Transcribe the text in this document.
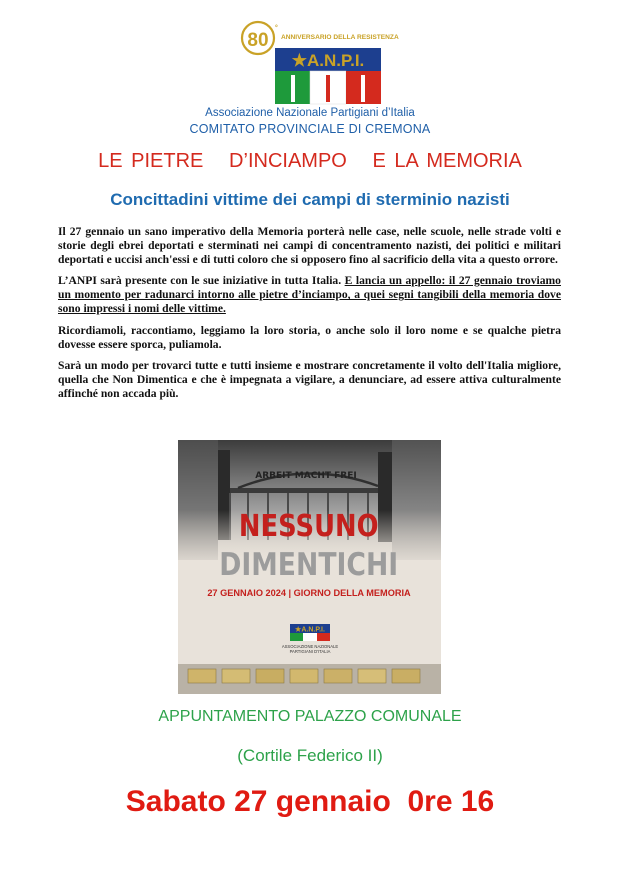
80
°
ANNIVERSARIO DELLA RESISTENZA
★A.N.P.I.
Associazione Nazionale Partigiani d’Italia
COMITATO PROVINCIALE DI CREMONA
LE PIETRE   D’INCIAMPO   E LA MEMORIA
Concittadini vittime dei campi di sterminio nazisti

Il 27 gennaio un sano imperativo della Memoria porterà nelle case, nelle scuole, nelle strade volti e storie degli ebrei deportati e sterminati nei campi di concentramento nazisti, dei politici e militari deportati e uccisi anch'essi e di tutti coloro che si opposero fino al sacrificio della vita a questo orrore.

L’ANPI sarà presente con le sue iniziative in tutta Italia. E lancia un appello: il 27 gennaio troviamo un momento per radunarci intorno alle pietre d’inciampo, a quei segni tangibili della memoria dove sono impressi i nomi delle vittime.

Ricordiamoli, raccontiamo, leggiamo la loro storia, o anche solo il loro nome e se qualche pietra dovesse essere sporca, puliamola.

Sarà un modo per trovarci tutte e tutti insieme e mostrare concretamente il volto dell'Italia migliore, quella che Non Dimentica e che è impegnata a vigilare, a denunciare, ad essere attiva culturalmente affinché non accada più.

ARBEIT MACHT FREI
NESSUNO
DIMENTICHI
27 GENNAIO 2024 | GIORNO DELLA MEMORIA
★A.N.P.I.
ASSOCIAZIONE NAZIONALE
PARTIGIANI D'ITALIA
APPUNTAMENTO PALAZZO COMUNALE
(Cortile Federico II)
Sabato 27 gennaio  0re 16
